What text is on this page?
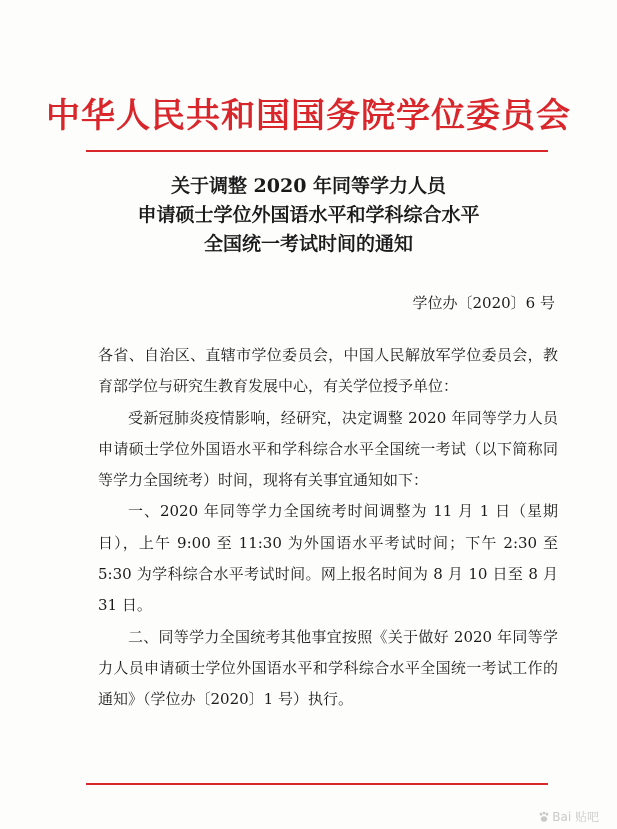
中华人民共和国国务院学位委员会
关于调整 2020 年同等学力人员
申请硕士学位外国语水平和学科综合水平
全国统一考试时间的通知
学位办〔2020〕6 号

各省、自治区、直辖市学位委员会，中国人民解放军学位委员会，教育部学位与研究生教育发展中心，有关学位授予单位：

受新冠肺炎疫情影响，经研究，决定调整 2020 年同等学力人员申请硕士学位外国语水平和学科综合水平全国统一考试（以下简称同等学力全国统考）时间，现将有关事宜通知如下：

一、2020 年同等学力全国统考时间调整为 11 月 1 日（星期日），上午 9:00 至 11:30 为外国语水平考试时间；下午 2:30 至 5:30 为学科综合水平考试时间。网上报名时间为 8 月 10 日至 8 月 31 日。

二、同等学力全国统考其他事宜按照《关于做好 2020 年同等学力人员申请硕士学位外国语水平和学科综合水平全国统一考试工作的通知》（学位办〔2020〕1 号）执行。

Bai 贴吧
